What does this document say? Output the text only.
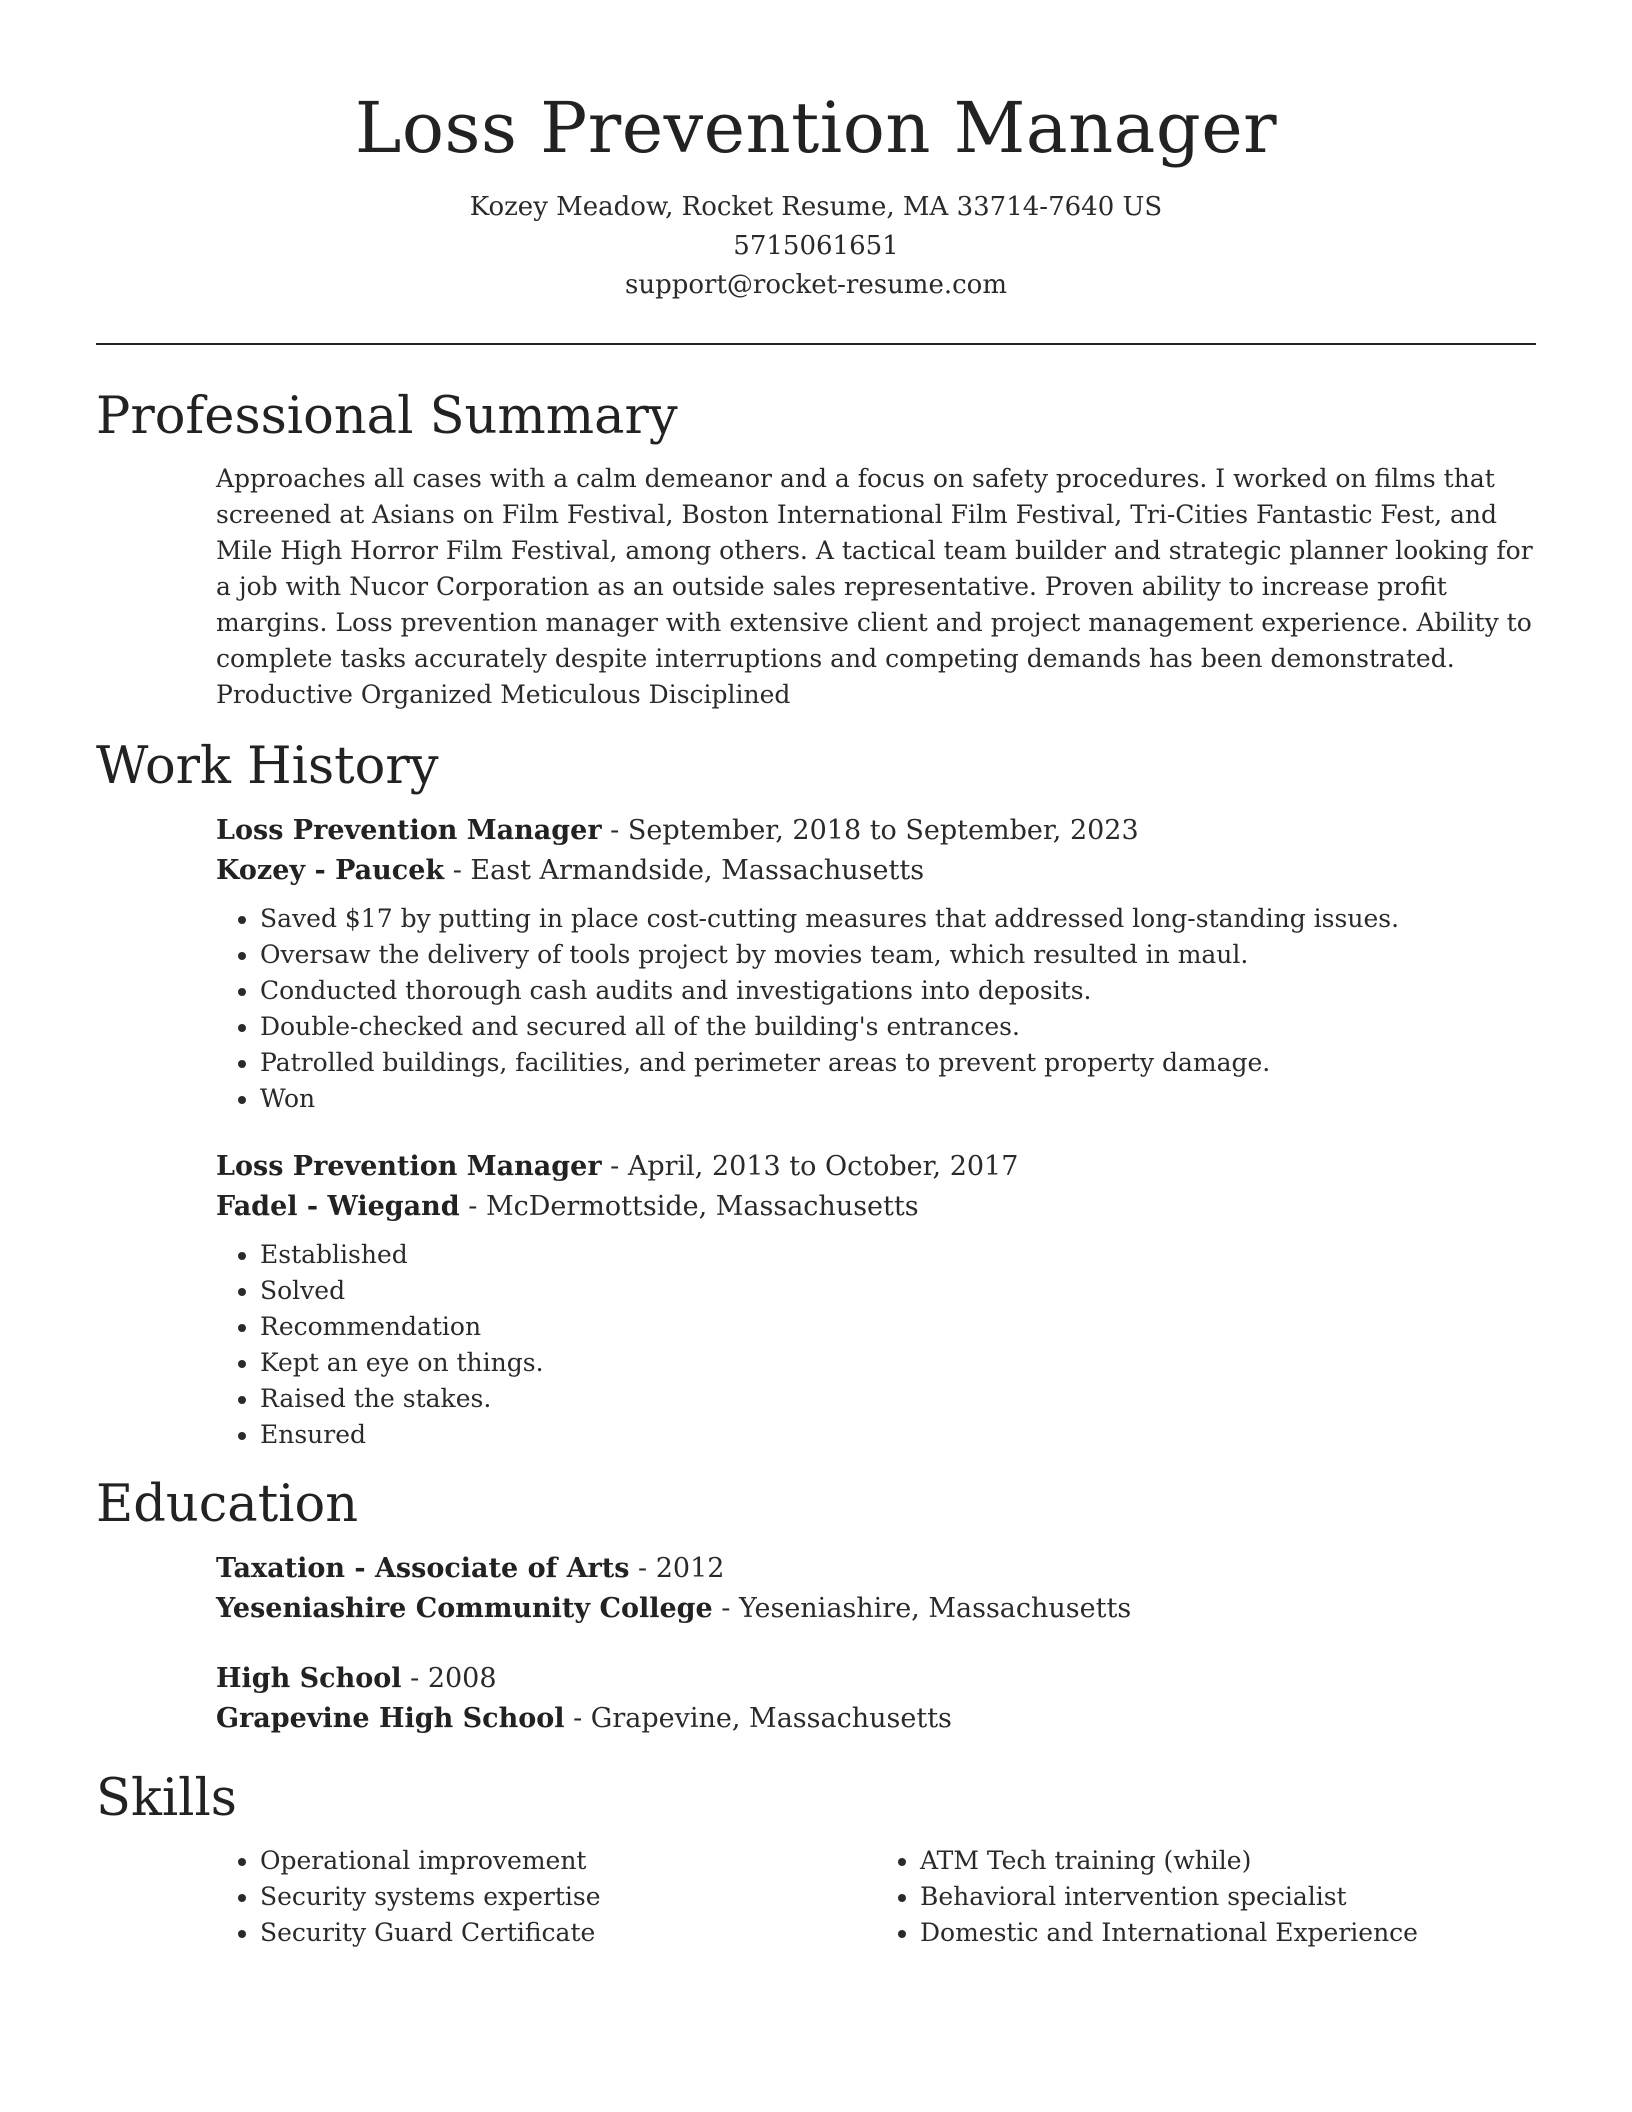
Loss Prevention Manager
Kozey Meadow, Rocket Resume, MA 33714-7640 US
5715061651
support@rocket-resume.com
Professional Summary

Approaches all cases with a calm demeanor and a focus on safety procedures. I worked on films that screened at Asians on Film Festival, Boston International Film Festival, Tri-Cities Fantastic Fest, and Mile High Horror Film Festival, among others. A tactical team builder and strategic planner looking for a job with Nucor Corporation as an outside sales representative. Proven ability to increase profit margins. Loss prevention manager with extensive client and project management experience. Ability to complete tasks accurately despite interruptions and competing demands has been demonstrated. Productive Organized Meticulous Disciplined

Work History
Loss Prevention Manager - September, 2018 to September, 2023
Kozey - Paucek - East Armandside, Massachusetts
• Saved $17 by putting in place cost-cutting measures that addressed long-standing issues.
• Oversaw the delivery of tools project by movies team, which resulted in maul.
• Conducted thorough cash audits and investigations into deposits.
• Double-checked and secured all of the building's entrances.
• Patrolled buildings, facilities, and perimeter areas to prevent property damage.
• Won
Loss Prevention Manager - April, 2013 to October, 2017
Fadel - Wiegand - McDermottside, Massachusetts
• Established
• Solved
• Recommendation
• Kept an eye on things.
• Raised the stakes.
• Ensured
Education
Taxation - Associate of Arts - 2012
Yeseniashire Community College - Yeseniashire, Massachusetts
High School - 2008
Grapevine High School - Grapevine, Massachusetts
Skills
• Operational improvement
• Security systems expertise
• Security Guard Certificate
• ATM Tech training (while)
• Behavioral intervention specialist
• Domestic and International Experience
